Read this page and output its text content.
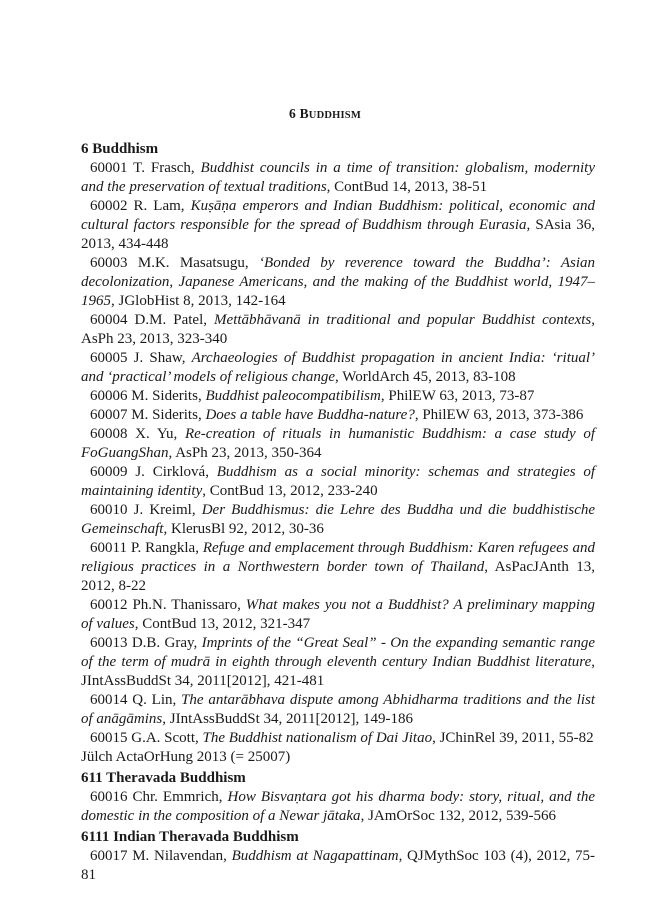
6 BUDDHISM

6 Buddhism

60001 T. Frasch, Buddhist councils in a time of transition: globalism, modernity and the preservation of textual traditions, ContBud 14, 2013, 38-51

60002 R. Lam, Kuṣāṇa emperors and Indian Buddhism: political, economic and cultural factors responsible for the spread of Buddhism through Eurasia, SAsia 36, 2013, 434-448

60003 M.K. Masatsugu, ‘Bonded by reverence toward the Buddha’: Asian decolonization, Japanese Americans, and the making of the Buddhist world, 1947–1965, JGlobHist 8, 2013, 142-164

60004 D.M. Patel, Mettābhāvanā in traditional and popular Buddhist contexts, AsPh 23, 2013, 323-340

60005 J. Shaw, Archaeologies of Buddhist propagation in ancient India: ‘ritual’ and ‘practical’ models of religious change, WorldArch 45, 2013, 83-108

60006 M. Siderits, Buddhist paleocompatibilism, PhilEW 63, 2013, 73-87

60007 M. Siderits, Does a table have Buddha-nature?, PhilEW 63, 2013, 373-386

60008 X. Yu, Re-creation of rituals in humanistic Buddhism: a case study of FoGuangShan, AsPh 23, 2013, 350-364

60009 J. Cirklová, Buddhism as a social minority: schemas and strategies of maintaining identity, ContBud 13, 2012, 233-240

60010 J. Kreiml, Der Buddhismus: die Lehre des Buddha und die buddhistische Gemeinschaft, KlerusBl 92, 2012, 30-36

60011 P. Rangkla, Refuge and emplacement through Buddhism: Karen refugees and religious practices in a Northwestern border town of Thailand, AsPacJAnth 13, 2012, 8-22

60012 Ph.N. Thanissaro, What makes you not a Buddhist? A preliminary mapping of values, ContBud 13, 2012, 321-347

60013 D.B. Gray, Imprints of the “Great Seal” - On the expanding semantic range of the term of mudrā in eighth through eleventh century Indian Buddhist literature, JIntAssBuddSt 34, 2011[2012], 421-481

60014 Q. Lin, The antarābhava dispute among Abhidharma traditions and the list of anāgāmins, JIntAssBuddSt 34, 2011[2012], 149-186

60015 G.A. Scott, The Buddhist nationalism of Dai Jitao, JChinRel 39, 2011, 55-82

Jülch ActaOrHung 2013 (= 25007)

611 Theravada Buddhism

60016 Chr. Emmrich, How Bisvaṇtara got his dharma body: story, ritual, and the domestic in the composition of a Newar jātaka, JAmOrSoc 132, 2012, 539-566

6111 Indian Theravada Buddhism

60017 M. Nilavendan, Buddhism at Nagapattinam, QJMythSoc 103 (4), 2012, 75-81
